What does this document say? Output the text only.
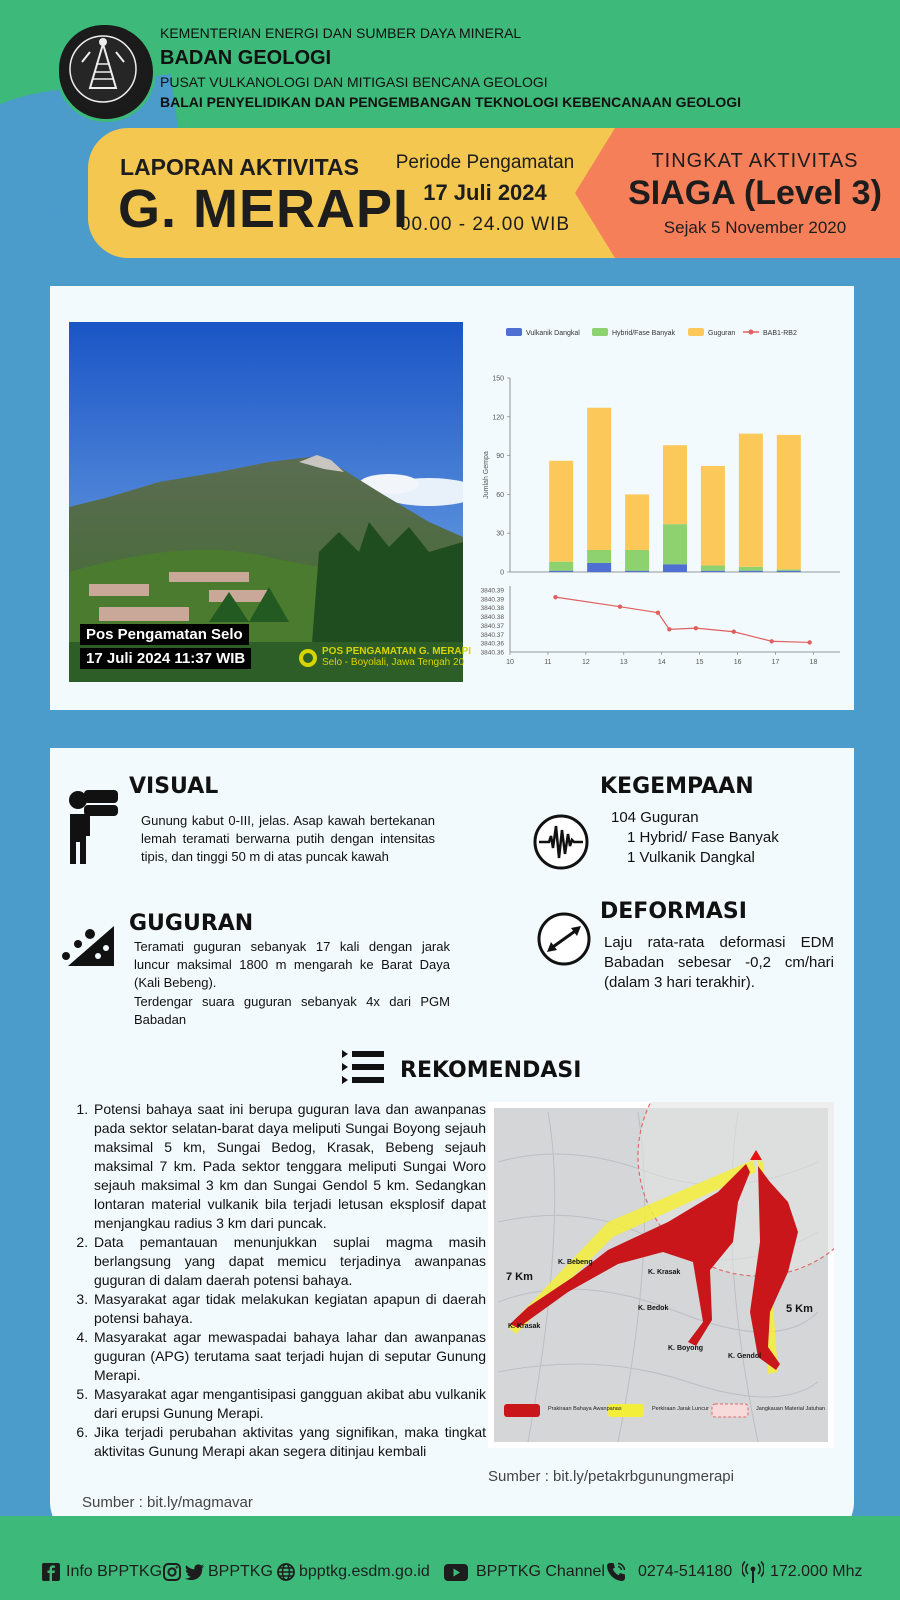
KEMENTERIAN ENERGI DAN SUMBER DAYA MINERAL
BADAN GEOLOGI
PUSAT VULKANOLOGI DAN MITIGASI BENCANA GEOLOGI
BALAI PENYELIDIKAN DAN PENGEMBANGAN TEKNOLOGI KEBENCANAAN GEOLOGI
LAPORAN AKTIVITAS
G. MERAPI
Periode Pengamatan
17 Juli 2024
00.00 - 24.00 WIB
TINGKAT AKTIVITAS
SIAGA (Level 3)
Sejak 5 November 2020
Pos Pengamatan Selo
17 Juli 2024 11:37 WIB	POS PENGAMATAN G. MERAPI
Selo - Boyolali, Jawa Tengah 20
Vulkanik Dangkal	Hybrid/Fase Banyak	Guguran	BAB1-RB2
0
30
60
90
120
150
Jumlah Gempa
3840.39
3840.39
3840.38
3840.38
3840.37
3840.37
3840.36
3840.36
10	11	12	13	14	15	16	17	18
VISUAL
Gunung kabut 0-III, jelas. Asap kawah bertekanan lemah teramati berwarna putih dengan intensitas tipis, dan tinggi 50 m di atas puncak kawah
GUGURAN
Teramati guguran sebanyak 17 kali dengan jarak luncur maksimal 1800 m mengarah ke Barat Daya (Kali Bebeng).
Terdengar suara guguran sebanyak 4x dari PGM Babadan
KEGEMPAAN
104 Guguran
1 Hybrid/ Fase Banyak
1 Vulkanik Dangkal
DEFORMASI
Laju rata-rata deformasi EDM Babadan sebesar -0,2 cm/hari (dalam 3 hari terakhir).
REKOMENDASI
1. Potensi bahaya saat ini berupa guguran lava dan awanpanas pada sektor selatan-barat daya meliputi Sungai Boyong sejauh maksimal 5 km, Sungai Bedog, Krasak, Bebeng sejauh maksimal 7 km. Pada sektor tenggara meliputi Sungai Woro sejauh maksimal 3 km dan Sungai Gendol 5 km. Sedangkan lontaran material vulkanik bila terjadi letusan eksplosif dapat menjangkau radius 3 km dari puncak.
2. Data pemantauan menunjukkan suplai magma masih berlangsung yang dapat memicu terjadinya awanpanas guguran di dalam daerah potensi bahaya.
3. Masyarakat agar tidak melakukan kegiatan apapun di daerah potensi bahaya.
4. Masyarakat agar mewaspadai bahaya lahar dan awanpanas guguran (APG) terutama saat terjadi hujan di seputar Gunung Merapi.
5. Masyarakat agar mengantisipasi gangguan akibat abu vulkanik dari erupsi Gunung Merapi.
6. Jika terjadi perubahan aktivitas yang signifikan, maka tingkat aktivitas Gunung Merapi akan segera ditinjau kembali
Sumber : bit.ly/magmavar
Prakiraan Bahaya Awanpanas	Perkiraan Jarak Luncur	Jangkauan Material Jatuhan
K. Bebeng
K. Krasak
K. Bedok
K. Krasak
K. Boyong
K. Gendol
7 Km
5 Km
Sumber : bit.ly/petakrbgunungmerapi
Info BPPTKG	BPPTKG bpptkg.esdm.go.id	BPPTKG Channel 0274-514180 172.000 Mhz
